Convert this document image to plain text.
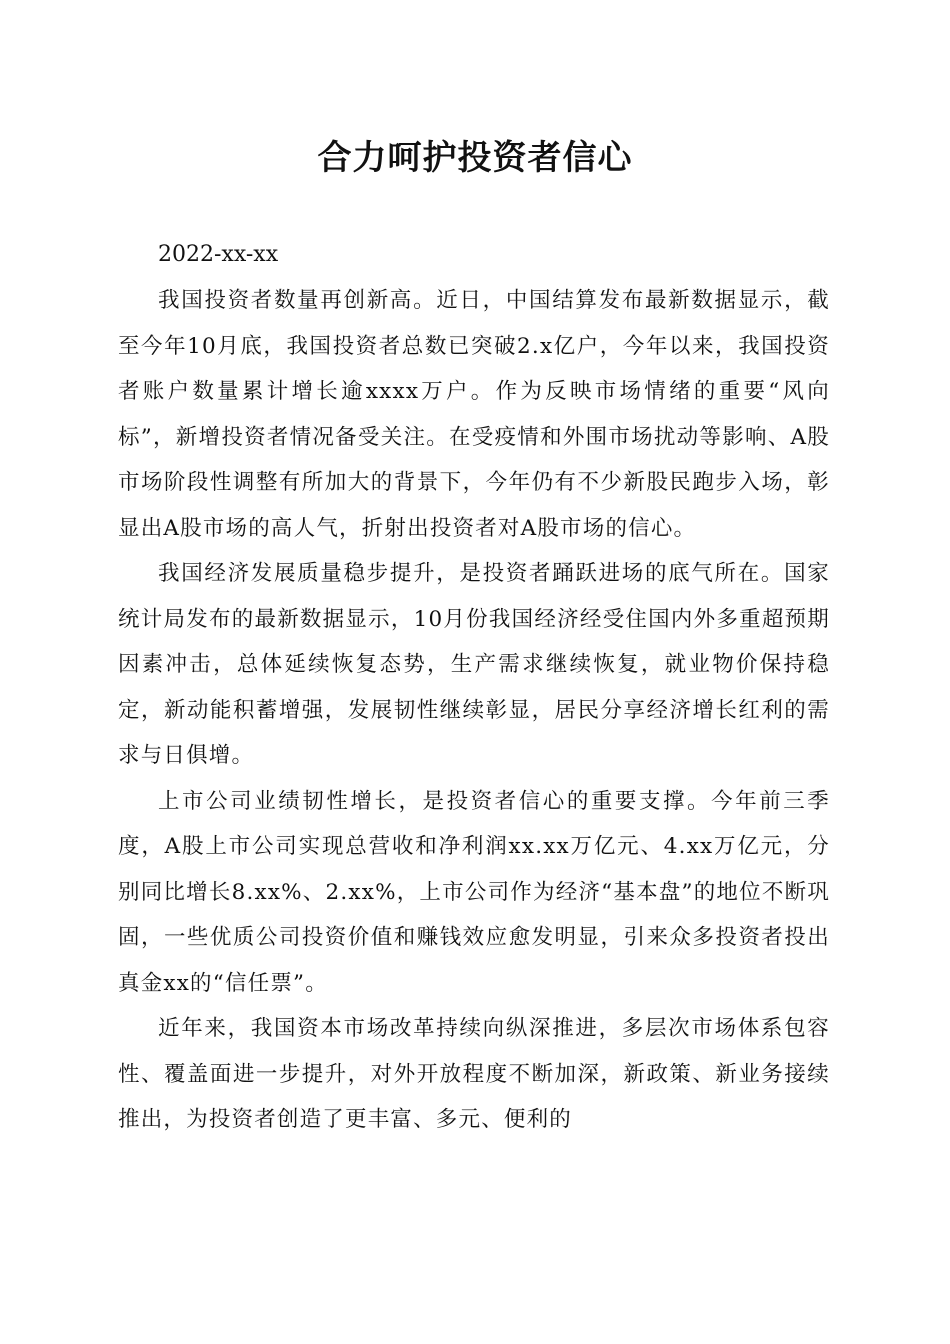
合力呵护投资者信心

2022-xx-xx

我国投资者数量再创新高。近日，中国结算发布最新数据显示，截至今年10月底，我国投资者总数已突破2.x亿户，今年以来，我国投资者账户数量累计增长逾xxxx万户。作为反映市场情绪的重要“风向标”，新增投资者情况备受关注。在受疫情和外围市场扰动等影响、A股市场阶段性调整有所加大的背景下，今年仍有不少新股民跑步入场，彰显出A股市场的高人气，折射出投资者对A股市场的信心。

我国经济发展质量稳步提升，是投资者踊跃进场的底气所在。国家统计局发布的最新数据显示，10月份我国经济经受住国内外多重超预期因素冲击，总体延续恢复态势，生产需求继续恢复，就业物价保持稳定，新动能积蓄增强，发展韧性继续彰显，居民分享经济增长红利的需求与日俱增。

上市公司业绩韧性增长，是投资者信心的重要支撑。今年前三季度，A股上市公司实现总营收和净利润xx.xx万亿元、4.xx万亿元，分别同比增长8.xx%、2.xx%，上市公司作为经济“基本盘”的地位不断巩固，一些优质公司投资价值和赚钱效应愈发明显，引来众多投资者投出真金xx的“信任票”。

近年来，我国资本市场改革持续向纵深推进，多层次市场体系包容性、覆盖面进一步提升，对外开放程度不断加深，新政策、新业务接续推出，为投资者创造了更丰富、多元、便利的
